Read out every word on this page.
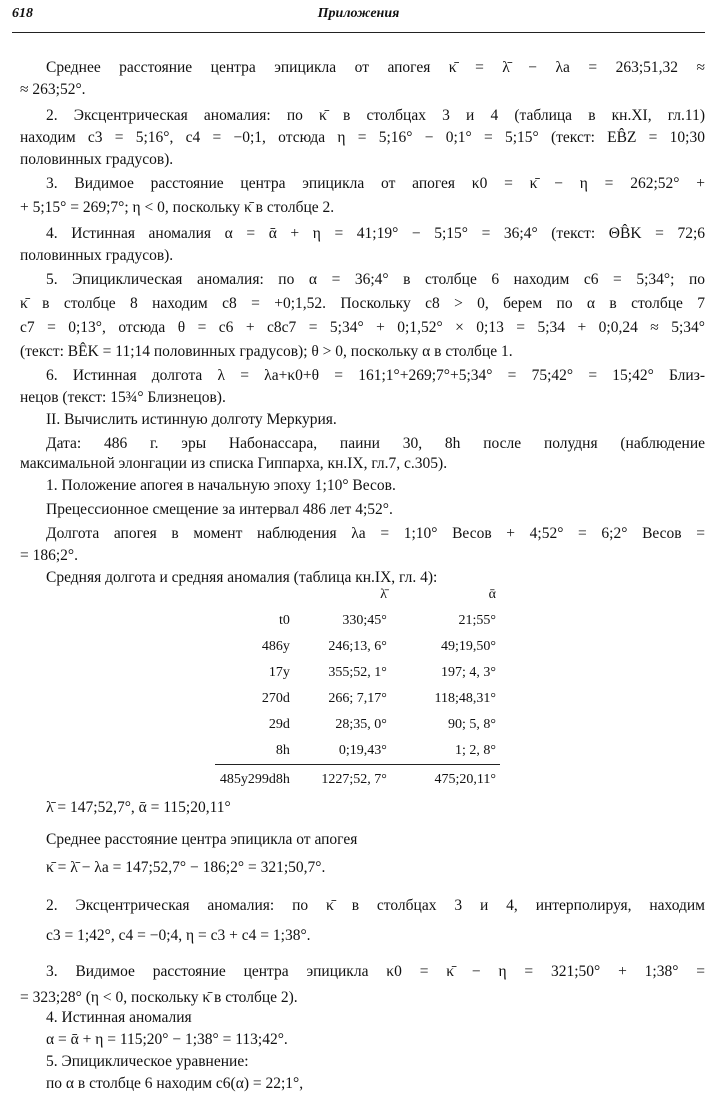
618	Приложения
Среднее расстояние центра эпицикла от апогея κ̄ = λ̄ − λa = 263;51,32 ≈
≈ 263;52°.
2. Эксцентрическая аномалия: по κ̄ в столбцах 3 и 4 (таблица в кн.XI, гл.11)
находим c3 = 5;16°, c4 = −0;1, отсюда η = 5;16° − 0;1° = 5;15° (текст: EB̂Z = 10;30
половинных градусов).
3. Видимое расстояние центра эпицикла от апогея κ0 = κ̄ − η = 262;52° +
+ 5;15° = 269;7°; η < 0, поскольку κ̄ в столбце 2.
4. Истинная аномалия α = ᾱ + η = 41;19° − 5;15° = 36;4° (текст: ΘB̂K = 72;6
половинных градусов).
5. Эпициклическая аномалия: по α = 36;4° в столбце 6 находим c6 = 5;34°; по
κ̄ в столбце 8 находим c8 = +0;1,52. Поскольку c8 > 0, берем по α в столбце 7
c7 = 0;13°, отсюда θ = c6 + c8c7 = 5;34° + 0;1,52° × 0;13 = 5;34 + 0;0,24 ≈ 5;34°
(текст: BÊK = 11;14 половинных градусов); θ > 0, поскольку α в столбце 1.
6. Истинная долгота λ = λa+κ0+θ = 161;1°+269;7°+5;34° = 75;42° = 15;42° Близ-
нецов (текст: 15¾° Близнецов).
II. Вычислить истинную долготу Меркурия.
Дата: 486 г. эры Набонассара, паини 30, 8h после полудня (наблюдение
максимальной элонгации из списка Гиппарха, кн.IX, гл.7, с.305).
1. Положение апогея в начальную эпоху 1;10° Весов.
Прецессионное смещение за интервал 486 лет 4;52°.
Долгота апогея в момент наблюдения λa = 1;10° Весов + 4;52° = 6;2° Весов =
= 186;2°.
Средняя долгота и средняя аномалия (таблица кн.IX, гл. 4):
	λ̄	ᾱ
t0	330;45°	21;55°
486y	246;13, 6°	49;19,50°
17y	355;52, 1°	197; 4, 3°
270d	266; 7,17°	118;48,31°
29d	28;35, 0°	90; 5, 8°
8h	0;19,43°	1; 2, 8°
485y299d8h	1227;52, 7°	475;20,11°
λ̄ = 147;52,7°, ᾱ = 115;20,11°
Среднее расстояние центра эпицикла от апогея
κ̄ = λ̄ − λa = 147;52,7° − 186;2° = 321;50,7°.
2. Эксцентрическая аномалия: по κ̄ в столбцах 3 и 4, интерполируя, находим
c3 = 1;42°, c4 = −0;4, η = c3 + c4 = 1;38°.
3. Видимое расстояние центра эпицикла κ0 = κ̄ − η = 321;50° + 1;38° =
= 323;28° (η < 0, поскольку κ̄ в столбце 2).
4. Истинная аномалия
α = ᾱ + η = 115;20° − 1;38° = 113;42°.
5. Эпициклическое уравнение:
по α в столбце 6 находим c6(α) = 22;1°,
